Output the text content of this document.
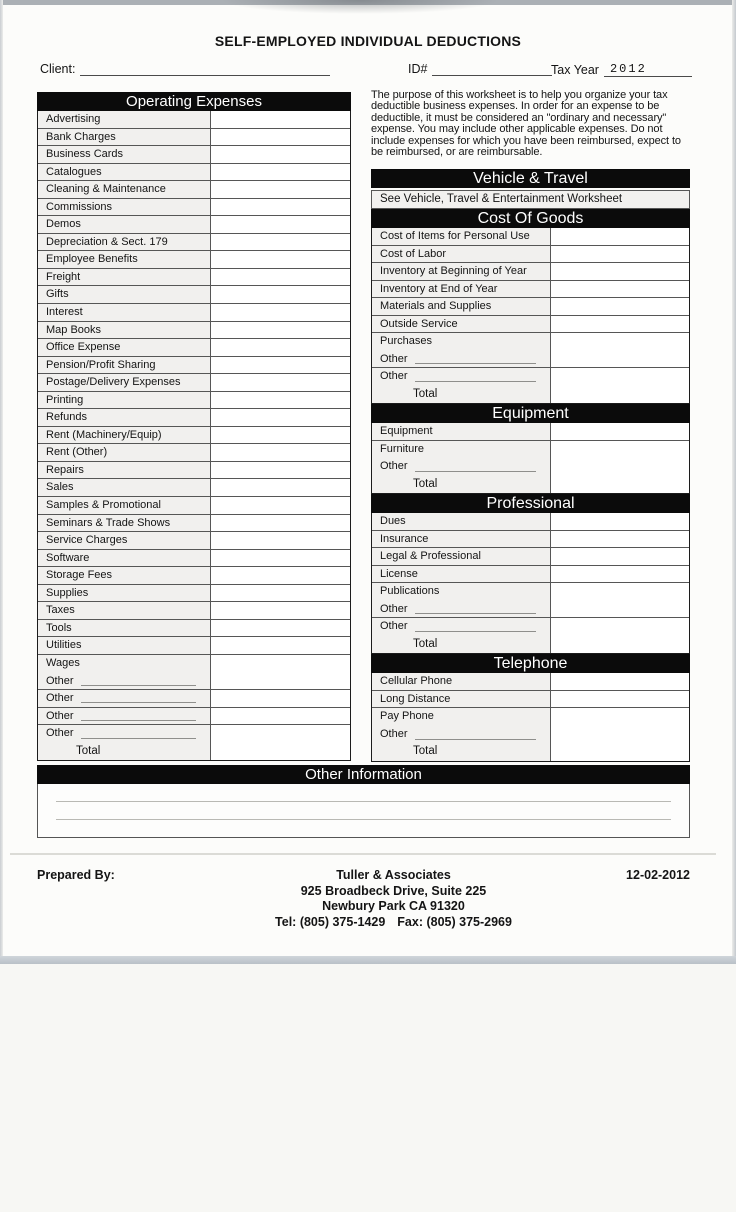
SELF-EMPLOYED INDIVIDUAL DEDUCTIONS
Client:	ID#	Tax Year 2012
Operating Expenses
Advertising
Bank Charges
Business Cards
Catalogues
Cleaning & Maintenance
Commissions
Demos
Depreciation & Sect. 179
Employee Benefits
Freight
Gifts
Interest
Map Books
Office Expense
Pension/Profit Sharing
Postage/Delivery Expenses
Printing
Refunds
Rent (Machinery/Equip)
Rent (Other)
Repairs
Sales
Samples & Promotional
Seminars & Trade Shows
Service Charges
Software
Storage Fees
Supplies
Taxes
Tools
Utilities
Wages
Other
Other
Other
Other
Total

The purpose of this worksheet is to help you organize your tax deductible business expenses. In order for an expense to be deductible, it must be considered an "ordinary and necessary" expense. You may include other applicable expenses. Do not include expenses for which you have been reimbursed, expect to be reimbursed, or are reimbursable.

Vehicle & Travel
See Vehicle, Travel & Entertainment Worksheet
Cost Of Goods
Cost of Items for Personal Use
Cost of Labor
Inventory at Beginning of Year
Inventory at End of Year
Materials and Supplies
Outside Service
Purchases
Other
Other
Total
Equipment
Equipment
Furniture
Other
Total
Professional
Dues
Insurance
Legal & Professional
License
Publications
Other
Other
Total
Telephone
Cellular Phone
Long Distance
Pay Phone
Other
Total
Other Information
Prepared By:	Tuller & Associates
925 Broadbeck Drive, Suite 225
Newbury Park CA 91320
Tel: (805) 375-1429 Fax: (805) 375-2969
12-02-2012
